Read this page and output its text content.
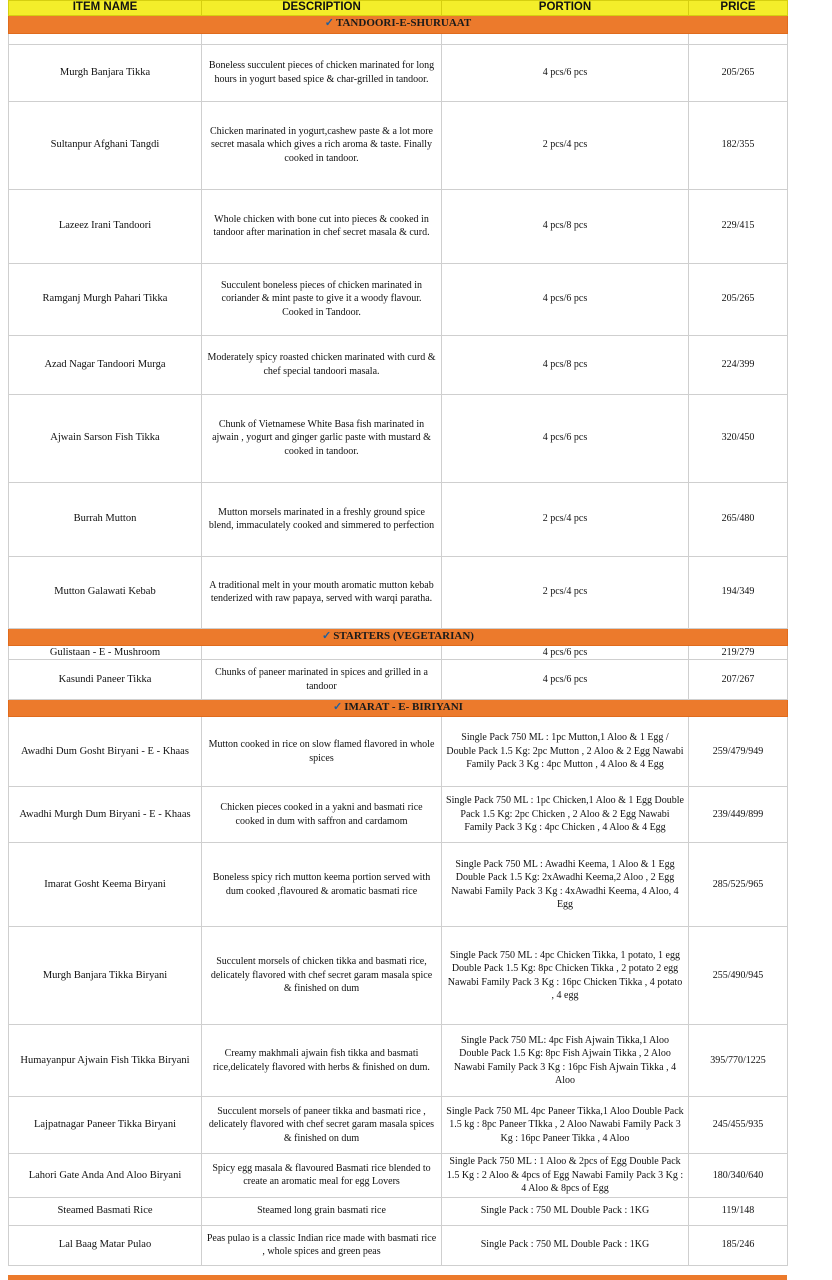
ITEM NAME	DESCRIPTION	PORTION	PRICE
✓ TANDOORI-E-SHURUAAT			

Murgh Banjara Tikka	Boneless succulent pieces of chicken marinated for long hours in yogurt based spice & char-grilled in tandoor.	4 pcs/6 pcs	205/265
Sultanpur Afghani Tangdi	Chicken marinated in yogurt,cashew paste & a lot more secret masala which gives a rich aroma & taste. Finally cooked in tandoor.	2 pcs/4 pcs	182/355
Lazeez Irani Tandoori	Whole chicken with bone cut into pieces & cooked in tandoor after marination in chef secret masala & curd.	4 pcs/8 pcs	229/415
Ramganj Murgh Pahari Tikka	Succulent boneless pieces of chicken marinated in coriander & mint paste to give it a woody flavour. Cooked in Tandoor.	4 pcs/6 pcs	205/265
Azad Nagar Tandoori Murga	Moderately spicy roasted chicken marinated with curd & chef special tandoori masala.	4 pcs/8 pcs	224/399
Ajwain Sarson Fish Tikka	Chunk of Vietnamese White Basa fish marinated in ajwain , yogurt and ginger garlic paste with mustard & cooked in tandoor.	4 pcs/6 pcs	320/450
Burrah Mutton	Mutton morsels marinated in a freshly ground spice blend, immaculately cooked and simmered to perfection	2 pcs/4 pcs	265/480
Mutton Galawati Kebab	A traditional melt in your mouth aromatic mutton kebab tenderized with raw papaya, served with warqi paratha.	2 pcs/4 pcs	194/349
✓ STARTERS (VEGETARIAN)			
Gulistaan - E - Mushroom		4 pcs/6 pcs	219/279
Kasundi Paneer Tikka	Chunks of paneer marinated in spices and grilled in a tandoor	4 pcs/6 pcs	207/267
✓ IMARAT - E- BIRIYANI			
Awadhi Dum Gosht Biryani - E - Khaas	Mutton cooked in rice on slow flamed flavored in whole spices	Single Pack 750 ML : 1pc Mutton,1 Aloo & 1 Egg / Double Pack 1.5 Kg: 2pc Mutton , 2 Aloo & 2 Egg Nawabi Family Pack 3 Kg : 4pc Mutton , 4 Aloo & 4 Egg	259/479/949
Awadhi Murgh Dum Biryani - E - Khaas	Chicken pieces cooked in a yakni and basmati rice cooked in dum with saffron and cardamom	Single Pack 750 ML : 1pc Chicken,1 Aloo & 1 Egg Double Pack 1.5 Kg: 2pc Chicken , 2 Aloo & 2 Egg Nawabi Family Pack 3 Kg : 4pc Chicken , 4 Aloo & 4 Egg	239/449/899
Imarat Gosht Keema Biryani	Boneless spicy rich mutton keema portion served with dum cooked ,flavoured & aromatic basmati rice	Single Pack 750 ML : Awadhi Keema, 1 Aloo & 1 Egg Double Pack 1.5 Kg: 2xAwadhi Keema,2 Aloo , 2 Egg Nawabi Family Pack 3 Kg : 4xAwadhi Keema, 4 Aloo, 4 Egg	285/525/965
Murgh Banjara Tikka Biryani	Succulent morsels of chicken tikka and basmati rice, delicately flavored with chef secret garam masala spice & finished on dum	Single Pack 750 ML : 4pc Chicken Tikka, 1 potato, 1 egg Double Pack 1.5 Kg: 8pc Chicken Tikka , 2 potato 2 egg Nawabi Family Pack 3 Kg : 16pc Chicken Tikka , 4 potato , 4 egg	255/490/945
Humayanpur Ajwain Fish Tikka Biryani	Creamy makhmali ajwain fish tikka and basmati rice,delicately flavored with herbs & finished on dum.	Single Pack 750 ML: 4pc Fish Ajwain Tikka,1 Aloo Double Pack 1.5 Kg: 8pc Fish Ajwain Tikka , 2 Aloo Nawabi Family Pack 3 Kg : 16pc Fish Ajwain Tikka , 4 Aloo	395/770/1225
Lajpatnagar Paneer Tikka Biryani	Succulent morsels of paneer tikka and basmati rice , delicately flavored with chef secret garam masala spices & finished on dum	Single Pack 750 ML 4pc Paneer Tikka,1 Aloo Double Pack 1.5 kg : 8pc Paneer TIkka , 2 Aloo Nawabi Family Pack 3 Kg : 16pc Paneer Tikka , 4 Aloo	245/455/935
Lahori Gate Anda And Aloo Biryani	Spicy egg masala & flavoured Basmati rice blended to create an aromatic meal for egg Lovers	Single Pack 750 ML : 1 Aloo & 2pcs of Egg Double Pack 1.5 Kg : 2 Aloo & 4pcs of Egg Nawabi Family Pack 3 Kg : 4 Aloo & 8pcs of Egg	180/340/640
Steamed Basmati Rice	Steamed long grain basmati rice	Single Pack : 750 ML Double Pack : 1KG	119/148
Lal Baag Matar Pulao	Peas pulao is a classic Indian rice made with basmati rice , whole spices and green peas	Single Pack : 750 ML Double Pack : 1KG	185/246
